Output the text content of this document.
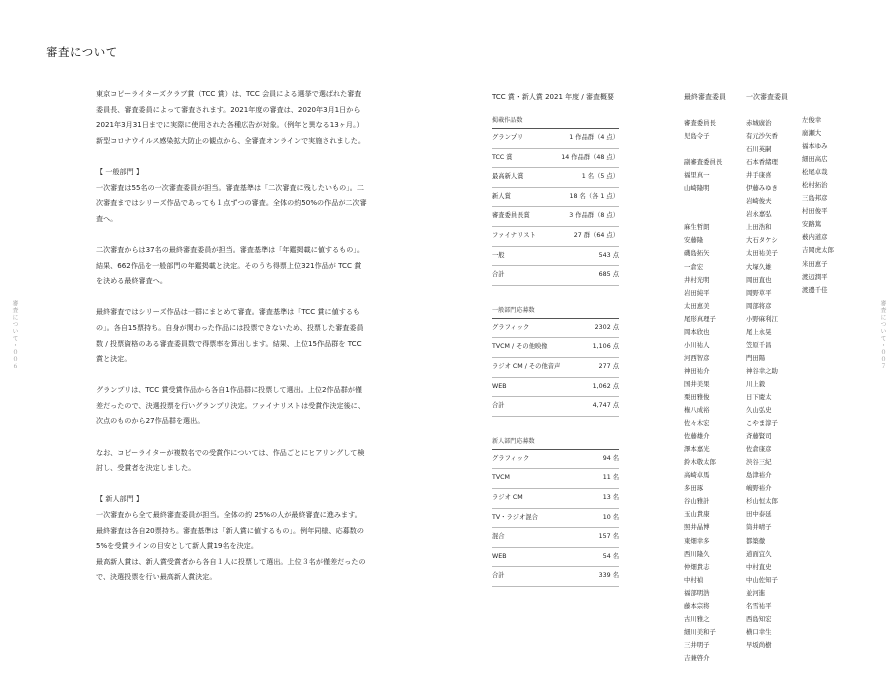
審査について
審査について・００６	審査について・００７

東京コピーライターズクラブ賞（TCC 賞）は、TCC 会員による選挙で選ばれた審査委員長、審査委員によって審査されます。2021年度の審査は、2020年3月1日から2021年3月31日までに実際に使用された各種広告が対象。（例年と異なる13ヶ月。）新型コロナウイルス感染拡大防止の観点から、全審査オンラインで実施されました。

【 一般部門 】

一次審査は55名の一次審査委員が担当。審査基準は「二次審査に残したいもの」。二次審査まではシリーズ作品であっても１点ずつの審査。全体の約50%の作品が二次審査へ。

二次審査からは37名の最終審査委員が担当。審査基準は「年鑑掲載に値するもの」。結果、662作品を一般部門の年鑑掲載と決定。そのうち得票上位321作品が TCC 賞を決める最終審査へ。

最終審査ではシリーズ作品は一群にまとめて審査。審査基準は「TCC 賞に値するもの」。各自15票持ち。自身が関わった作品には投票できないため、投票した審査委員数 / 投票資格のある審査委員数で得票率を算出します。結果、上位15作品群を TCC 賞と決定。

グランプリは、TCC 賞受賞作品から各自1作品群に投票して選出。上位2作品群が僅差だったので、決選投票を行いグランプリ決定。ファイナリストは受賞作決定後に、次点のものから27作品群を選出。

なお、コピーライターが複数名での受賞作については、作品ごとにヒアリングして検討し、受賞者を決定しました。

【 新人部門 】

一次審査から全て最終審査委員が担当。全体の約 25%の人が最終審査に進みます。

最終審査は各自20票持ち。審査基準は「新人賞に値するもの」。例年同様、応募数の5%を受賞ラインの目安として新人賞19名を決定。

最高新人賞は、新人賞受賞者から各自１人に投票して選出。上位３名が僅差だったので、決選投票を行い最高新人賞決定。

TCC 賞・新人賞 2021 年度 / 審査概要
掲載作品数
グランプリ	1 作品群（4 点）
TCC 賞	14 作品群（48 点）
最高新人賞	1 名（5 点）
新人賞	18 名（各 1 点）
審査委員長賞	3 作品群（8 点）
ファイナリスト	27 群（64 点）
一般	543 点
合計	685 点
一般部門応募数
グラフィック	2302 点
TVCM / その他映像	1,106 点
ラジオ CM / その他音声	277 点
WEB	1,062 点
合計	4,747 点
新人部門応募数
グラフィック	94 名
TVCM	11 名
ラジオ CM	13 名
TV・ラジオ混合	10 名
混合	157 名
WEB	54 名
合計	339 名
最終審査委員
審査委員長
児島令子
副審査委員長
福里真一
山崎隆明
麻生哲朗
安藤隆
磯島拓矢
一倉宏
井村光明
岩田純平
太田恵美
尾形真理子
岡本欣也
小川祐人
河西智彦
神田祐介
国井美果
栗田雅俊
権八成裕
佐々木宏
佐藤雄介
澤本嘉光
鈴木敬太郎
高崎卓馬
多田琢
谷山雅計
玉山貴康
照井晶博
東畑幸多
西川隆久
仲畑貴志
中村禎
福部明浩
藤本宗将
古川雅之
細川美和子
三井明子
吉兼啓介
一次審査委員
赤城廣治
有元沙矢香
石川英嗣
石本香緒理
井手康喜
伊藤みゆき
岩崎俊夫
岩永嘉弘
上田浩和
大石タケシ
太田祐美子
大塚久雄
岡田直也
岡野草平
岡部将彦
小野麻利江
尾上永晃
笠原千昌
門田陽
神谷幸之助
川上毅
日下慶太
久山弘史
こやま淳子
斉藤賢司
佐倉康彦
渋谷三紀
島津裕介
嶋野裕介
杉山恒太郎
田中泰延
筒井晴子
都築徹
道面宜久
中村直史
中山佐知子
並河進
名雪祐平
西島知宏
横口幸生
早坂尚樹
左俊幸
廣瀬大
福本ゆみ
細田高広
松尾卓哉
松村拓治
三島邦彦
村田俊平
安路篤
薮内道彦
吉岡虎太郎
米田恵子
渡辺潤平
渡邊千佳
